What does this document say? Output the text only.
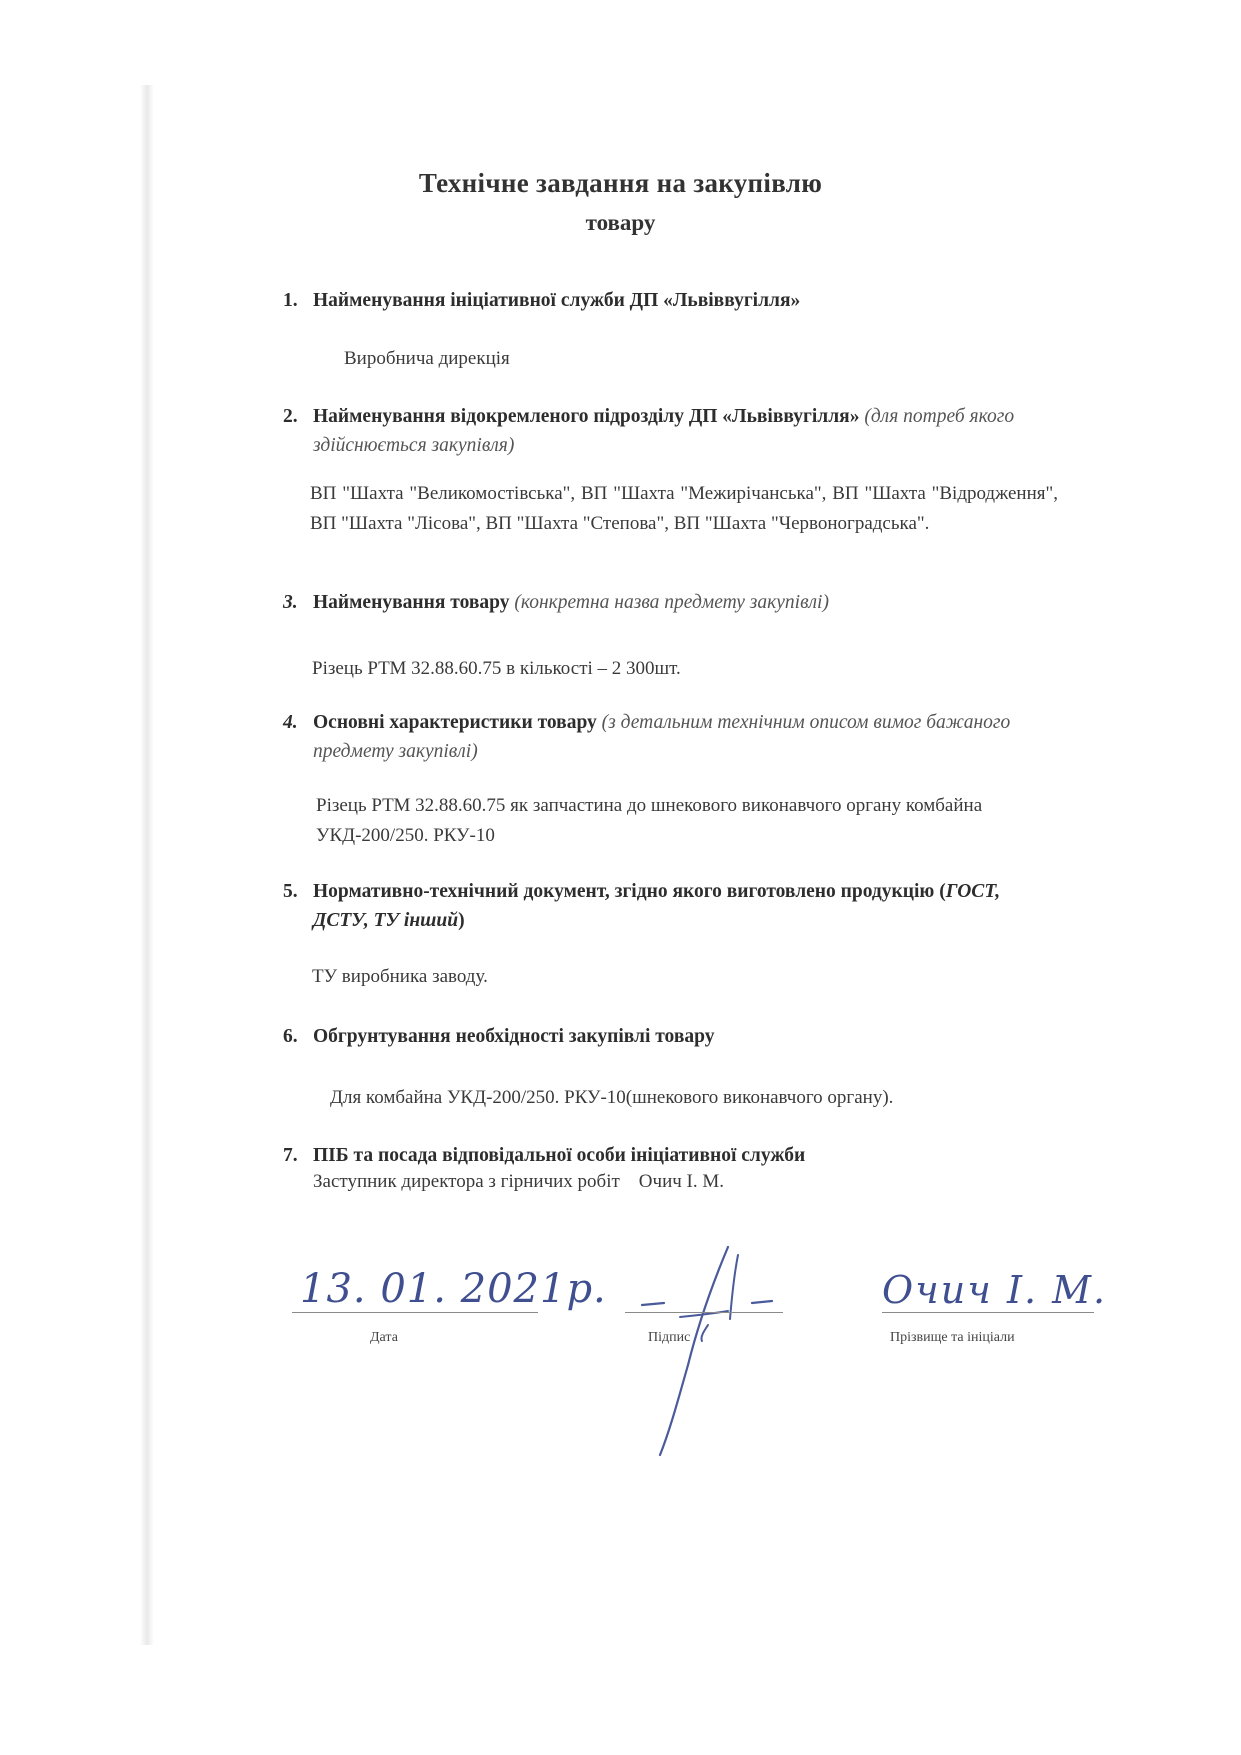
Технічне завдання на закупівлю
товару
1. Найменування ініціативної служби ДП «Львіввугілля»
Виробнича дирекція
2. Найменування відокремленого підрозділу ДП «Львіввугілля» (для потреб якого здійснюється закупівля)
ВП "Шахта "Великомостівська", ВП "Шахта "Межирічанська", ВП "Шахта "Відродження", ВП "Шахта "Лісова", ВП "Шахта "Степова", ВП "Шахта "Червоноградська".
3. Найменування товару (конкретна назва предмету закупівлі)
Різець РТМ 32.88.60.75 в кількості – 2 300шт.
4. Основні характеристики товару (з детальним технічним описом вимог бажаного предмету закупівлі)
Різець РТМ 32.88.60.75 як запчастина до шнекового виконавчого органу комбайна УКД-200/250. РКУ-10
5. Нормативно-технічний документ, згідно якого виготовлено продукцію (ГОСТ, ДСТУ, ТУ інший)
ТУ виробника заводу.
6. Обгрунтування необхідності закупівлі товару
Для комбайна УКД-200/250. РКУ-10(шнекового виконавчого органу).
7. ПІБ та посада відповідальної особи ініціативної служби
Заступник директора з гірничих робіт    Очич І. М.
13. 01. 2021р.
Дата	Підпис
Очич І. М.
Прізвище та ініціали
